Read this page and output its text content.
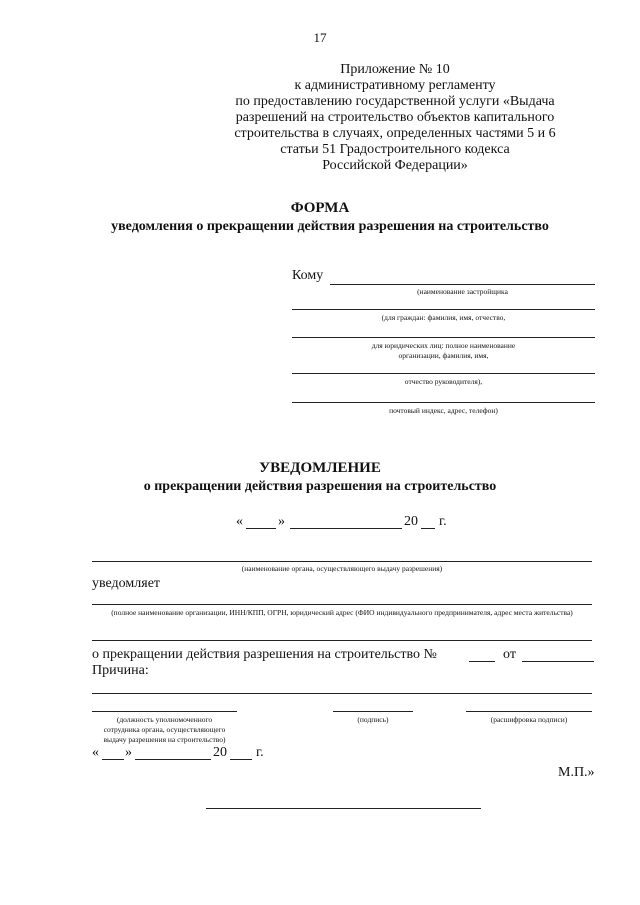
17
Приложение № 10
к административному регламенту
по предоставлению государственной услуги «Выдача
разрешений на строительство объектов капитального
строительства в случаях, определенных частями 5 и 6
статьи 51 Градостроительного кодекса
Российской Федерации»
ФОРМА
уведомления о прекращении действия разрешения на строительство
Кому
(наименование застройщика
(для граждан: фамилия, имя, отчество,
для юридических лиц: полное наименование
организации, фамилия, имя,
отчество руководителя),
почтовый индекс, адрес, телефон)
УВЕДОМЛЕНИЕ
о прекращении действия разрешения на строительство
«	»	20 г.
(наименование органа, осуществляющего выдачу разрешения)
уведомляет
(полное наименование организации, ИНН/КПП, ОГРН, юридический адрес (ФИО индивидуального предпринимателя, адрес места жительства)
о прекращении действия разрешения на строительство №	от
Причина:
(должность уполномоченного
сотрудника органа, осуществляющего
выдачу разрешения на строительство)
(подпись)	(расшифровка подписи)
« »	20 г.
М.П.»
